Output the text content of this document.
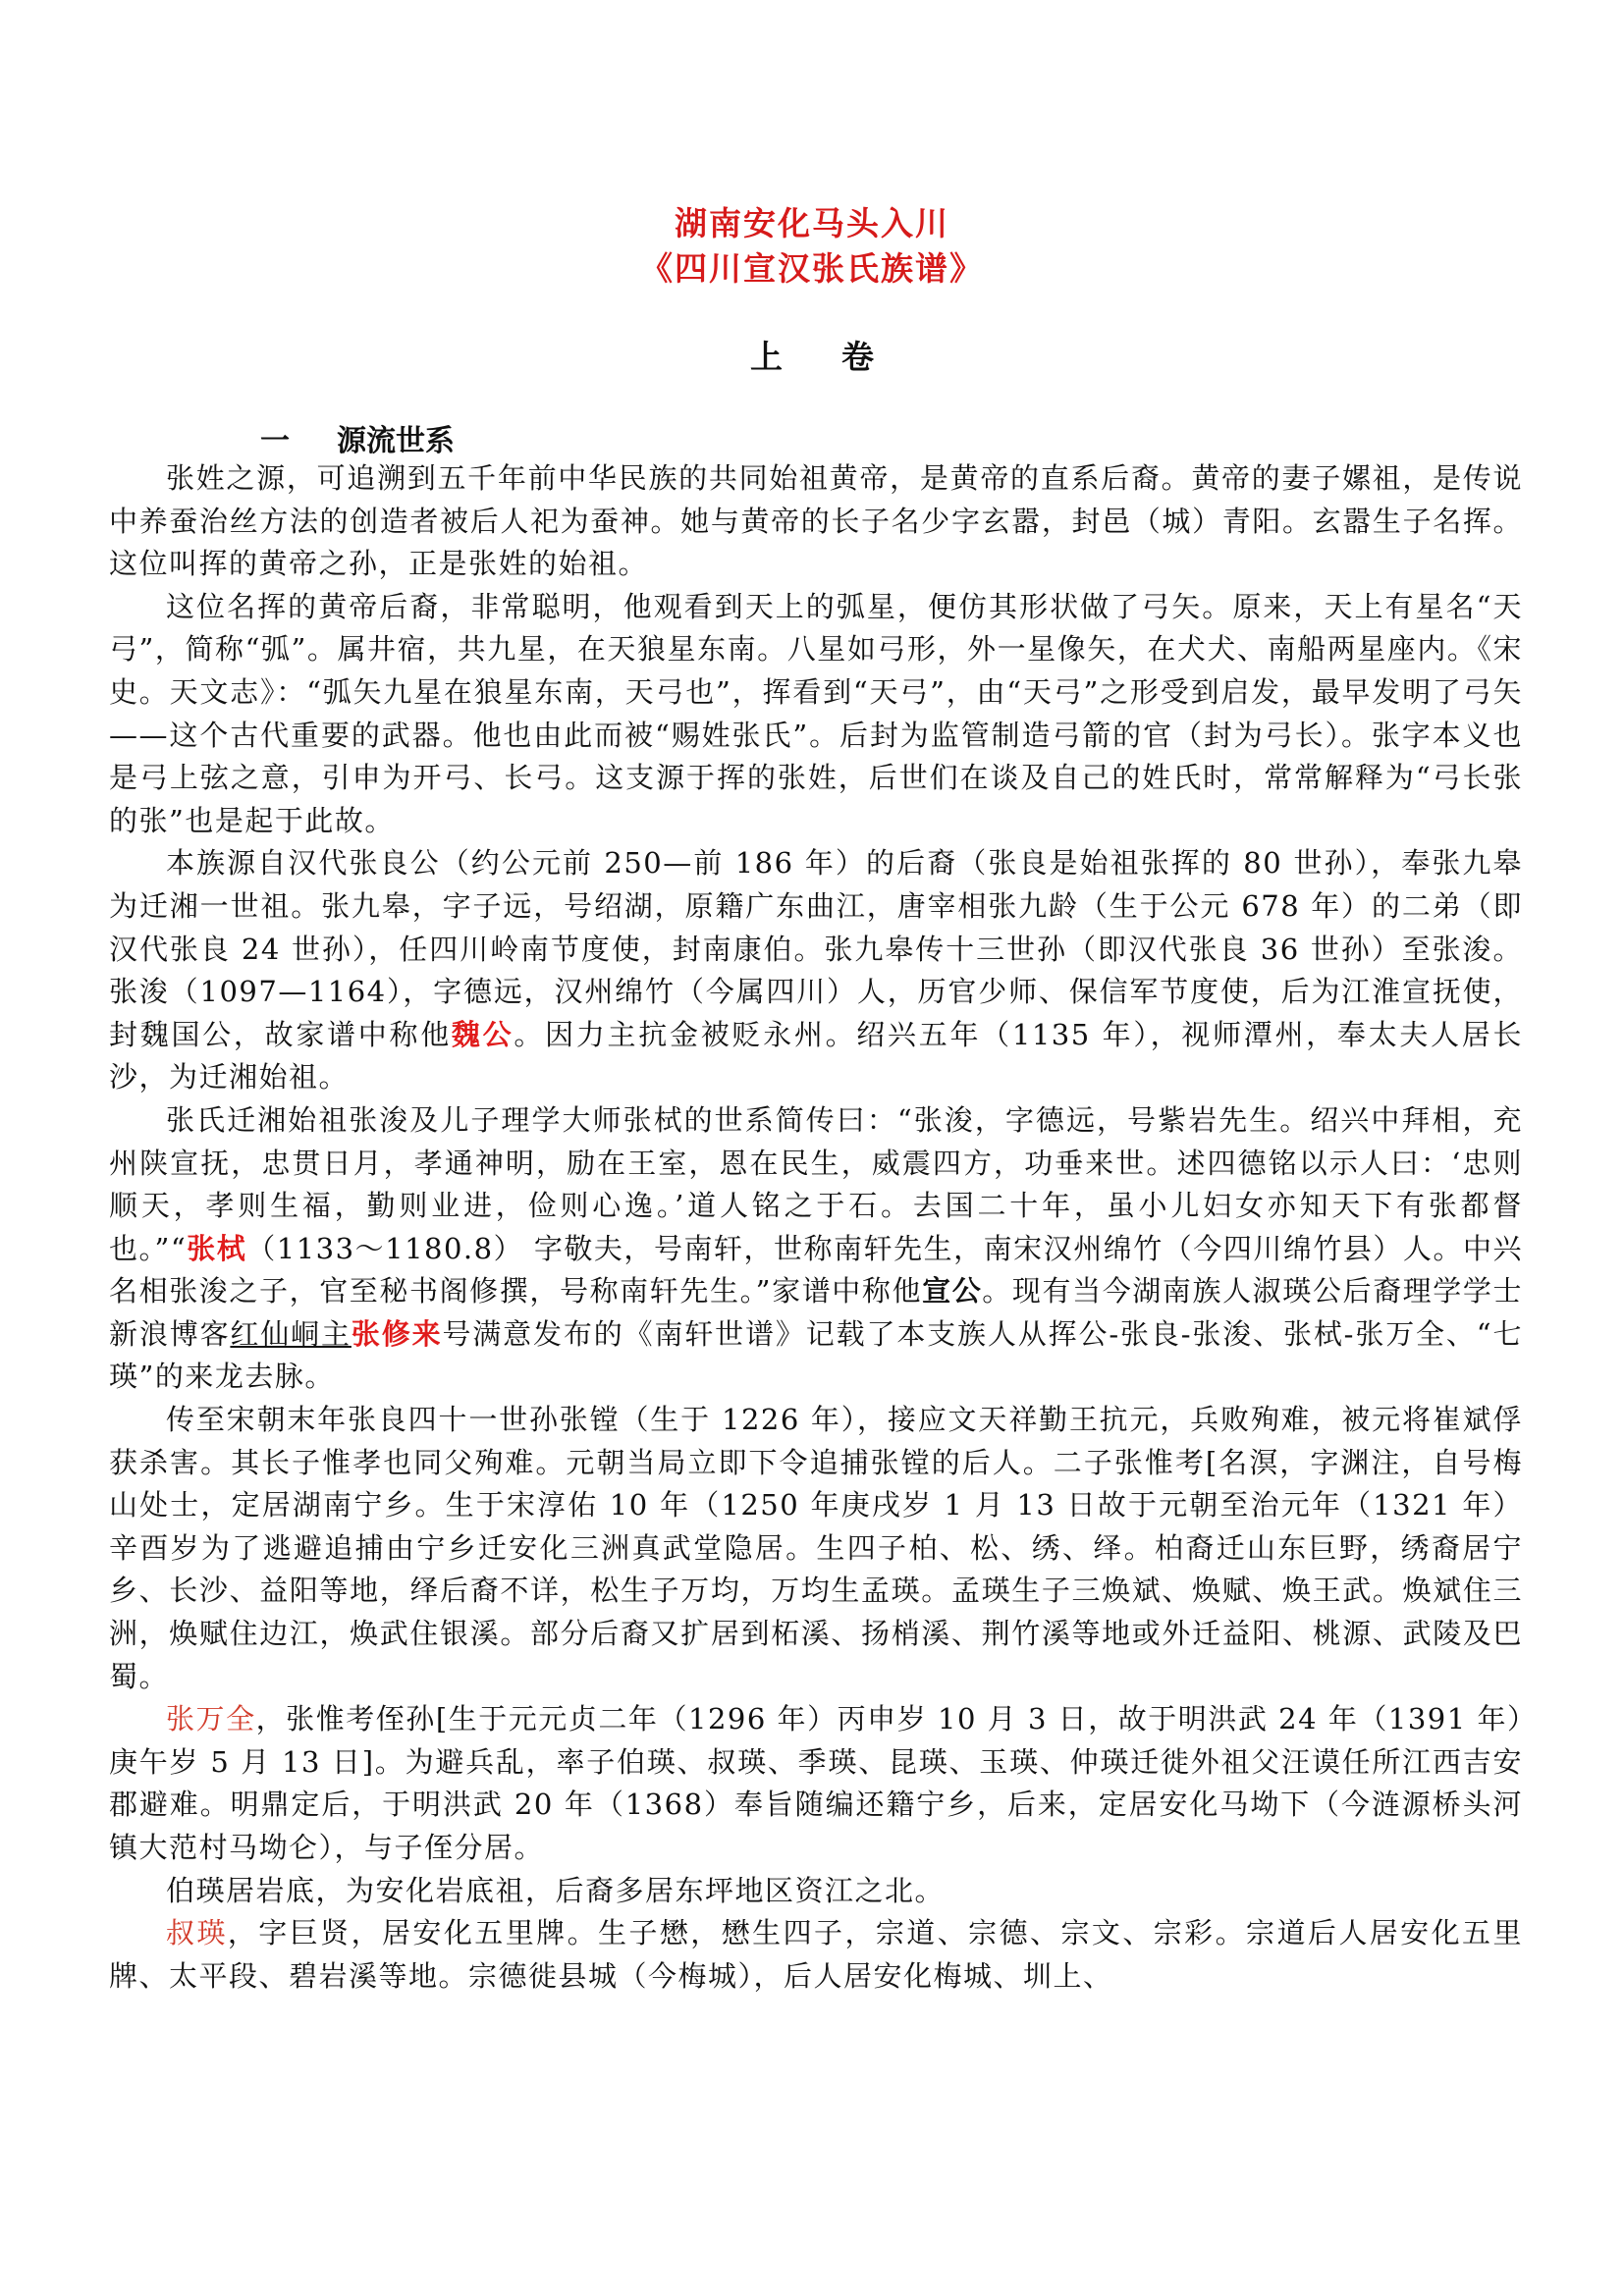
湖南安化马头入川
《四川宣汉张氏族谱》
上 卷
一 源流世系

张姓之源，可追溯到五千年前中华民族的共同始祖黄帝，是黄帝的直系后裔。黄帝的妻子嫘祖，是传说中养蚕治丝方法的创造者被后人祀为蚕神。她与黄帝的长子名少字玄嚣，封邑（城）青阳。玄嚣生子名挥。这位叫挥的黄帝之孙，正是张姓的始祖。

这位名挥的黄帝后裔，非常聪明，他观看到天上的弧星，便仿其形状做了弓矢。原来，天上有星名“天弓”，简称“弧”。属井宿，共九星，在天狼星东南。八星如弓形，外一星像矢，在犬犬、南船两星座内。《宋史。天文志》：“弧矢九星在狼星东南，天弓也”，挥看到“天弓”，由“天弓”之形受到启发，最早发明了弓矢——这个古代重要的武器。他也由此而被“赐姓张氏”。后封为监管制造弓箭的官（封为弓长）。张字本义也是弓上弦之意，引申为开弓、长弓。这支源于挥的张姓，后世们在谈及自己的姓氏时，常常解释为“弓长张的张”也是起于此故。

本族源自汉代张良公（约公元前 250—前 186 年）的后裔（张良是始祖张挥的 80 世孙），奉张九皋为迁湘一世祖。张九皋，字子远，号绍湖，原籍广东曲江，唐宰相张九龄（生于公元 678 年）的二弟（即汉代张良 24 世孙），任四川岭南节度使，封南康伯。张九皋传十三世孙（即汉代张良 36 世孙）至张浚。张浚（1097—1164），字德远，汉州绵竹（今属四川）人，历官少师、保信军节度使，后为江淮宣抚使，封魏国公，故家谱中称他魏公。因力主抗金被贬永州。绍兴五年（1135 年），视师潭州，奉太夫人居长沙，为迁湘始祖。

张氏迁湘始祖张浚及儿子理学大师张栻的世系简传曰：“张浚，字德远，号紫岩先生。绍兴中拜相，充州陕宣抚，忠贯日月，孝通神明，励在王室，恩在民生，威震四方，功垂来世。述四德铭以示人曰：‘忠则顺天，孝则生福，勤则业进，俭则心逸。’道人铭之于石。去国二十年，虽小儿妇女亦知天下有张都督也。”“张栻（1133～1180.8） 字敬夫，号南轩，世称南轩先生，南宋汉州绵竹（今四川绵竹县）人。中兴名相张浚之子，官至秘书阁修撰，号称南轩先生。”家谱中称他宣公。现有当今湖南族人淑瑛公后裔理学学士新浪博客红仙峒主张修来号满意发布的《南轩世谱》记载了本支族人从挥公-张良-张浚、张栻-张万全、“七瑛”的来龙去脉。

传至宋朝末年张良四十一世孙张镗（生于 1226 年），接应文天祥勤王抗元，兵败殉难，被元将崔斌俘获杀害。其长子惟孝也同父殉难。元朝当局立即下令追捕张镗的后人。二子张惟考[名溟，字渊注，自号梅山处士，定居湖南宁乡。生于宋淳佑 10 年（1250 年庚戌岁 1 月 13 日故于元朝至治元年（1321 年）辛酉岁为了逃避追捕由宁乡迁安化三洲真武堂隐居。生四子柏、松、绣、绎。柏裔迁山东巨野，绣裔居宁乡、长沙、益阳等地，绎后裔不详，松生子万均，万均生孟瑛。孟瑛生子三焕斌、焕赋、焕王武。焕斌住三洲，焕赋住边江，焕武住银溪。部分后裔又扩居到柘溪、扬梢溪、荆竹溪等地或外迁益阳、桃源、武陵及巴蜀。

张万全，张惟考侄孙[生于元元贞二年（1296 年）丙申岁 10 月 3 日，故于明洪武 24 年（1391 年）庚午岁 5 月 13 日]。为避兵乱，率子伯瑛、叔瑛、季瑛、昆瑛、玉瑛、仲瑛迁徙外祖父汪谟任所江西吉安郡避难。明鼎定后，于明洪武 20 年（1368）奉旨随编还籍宁乡，后来，定居安化马坳下（今涟源桥头河镇大范村马坳仑），与子侄分居。

伯瑛居岩底，为安化岩底祖，后裔多居东坪地区资江之北。

叔瑛，字巨贤，居安化五里牌。生子懋，懋生四子，宗道、宗德、宗文、宗彩。宗道后人居安化五里牌、太平段、碧岩溪等地。宗德徙县城（今梅城），后人居安化梅城、圳上、
